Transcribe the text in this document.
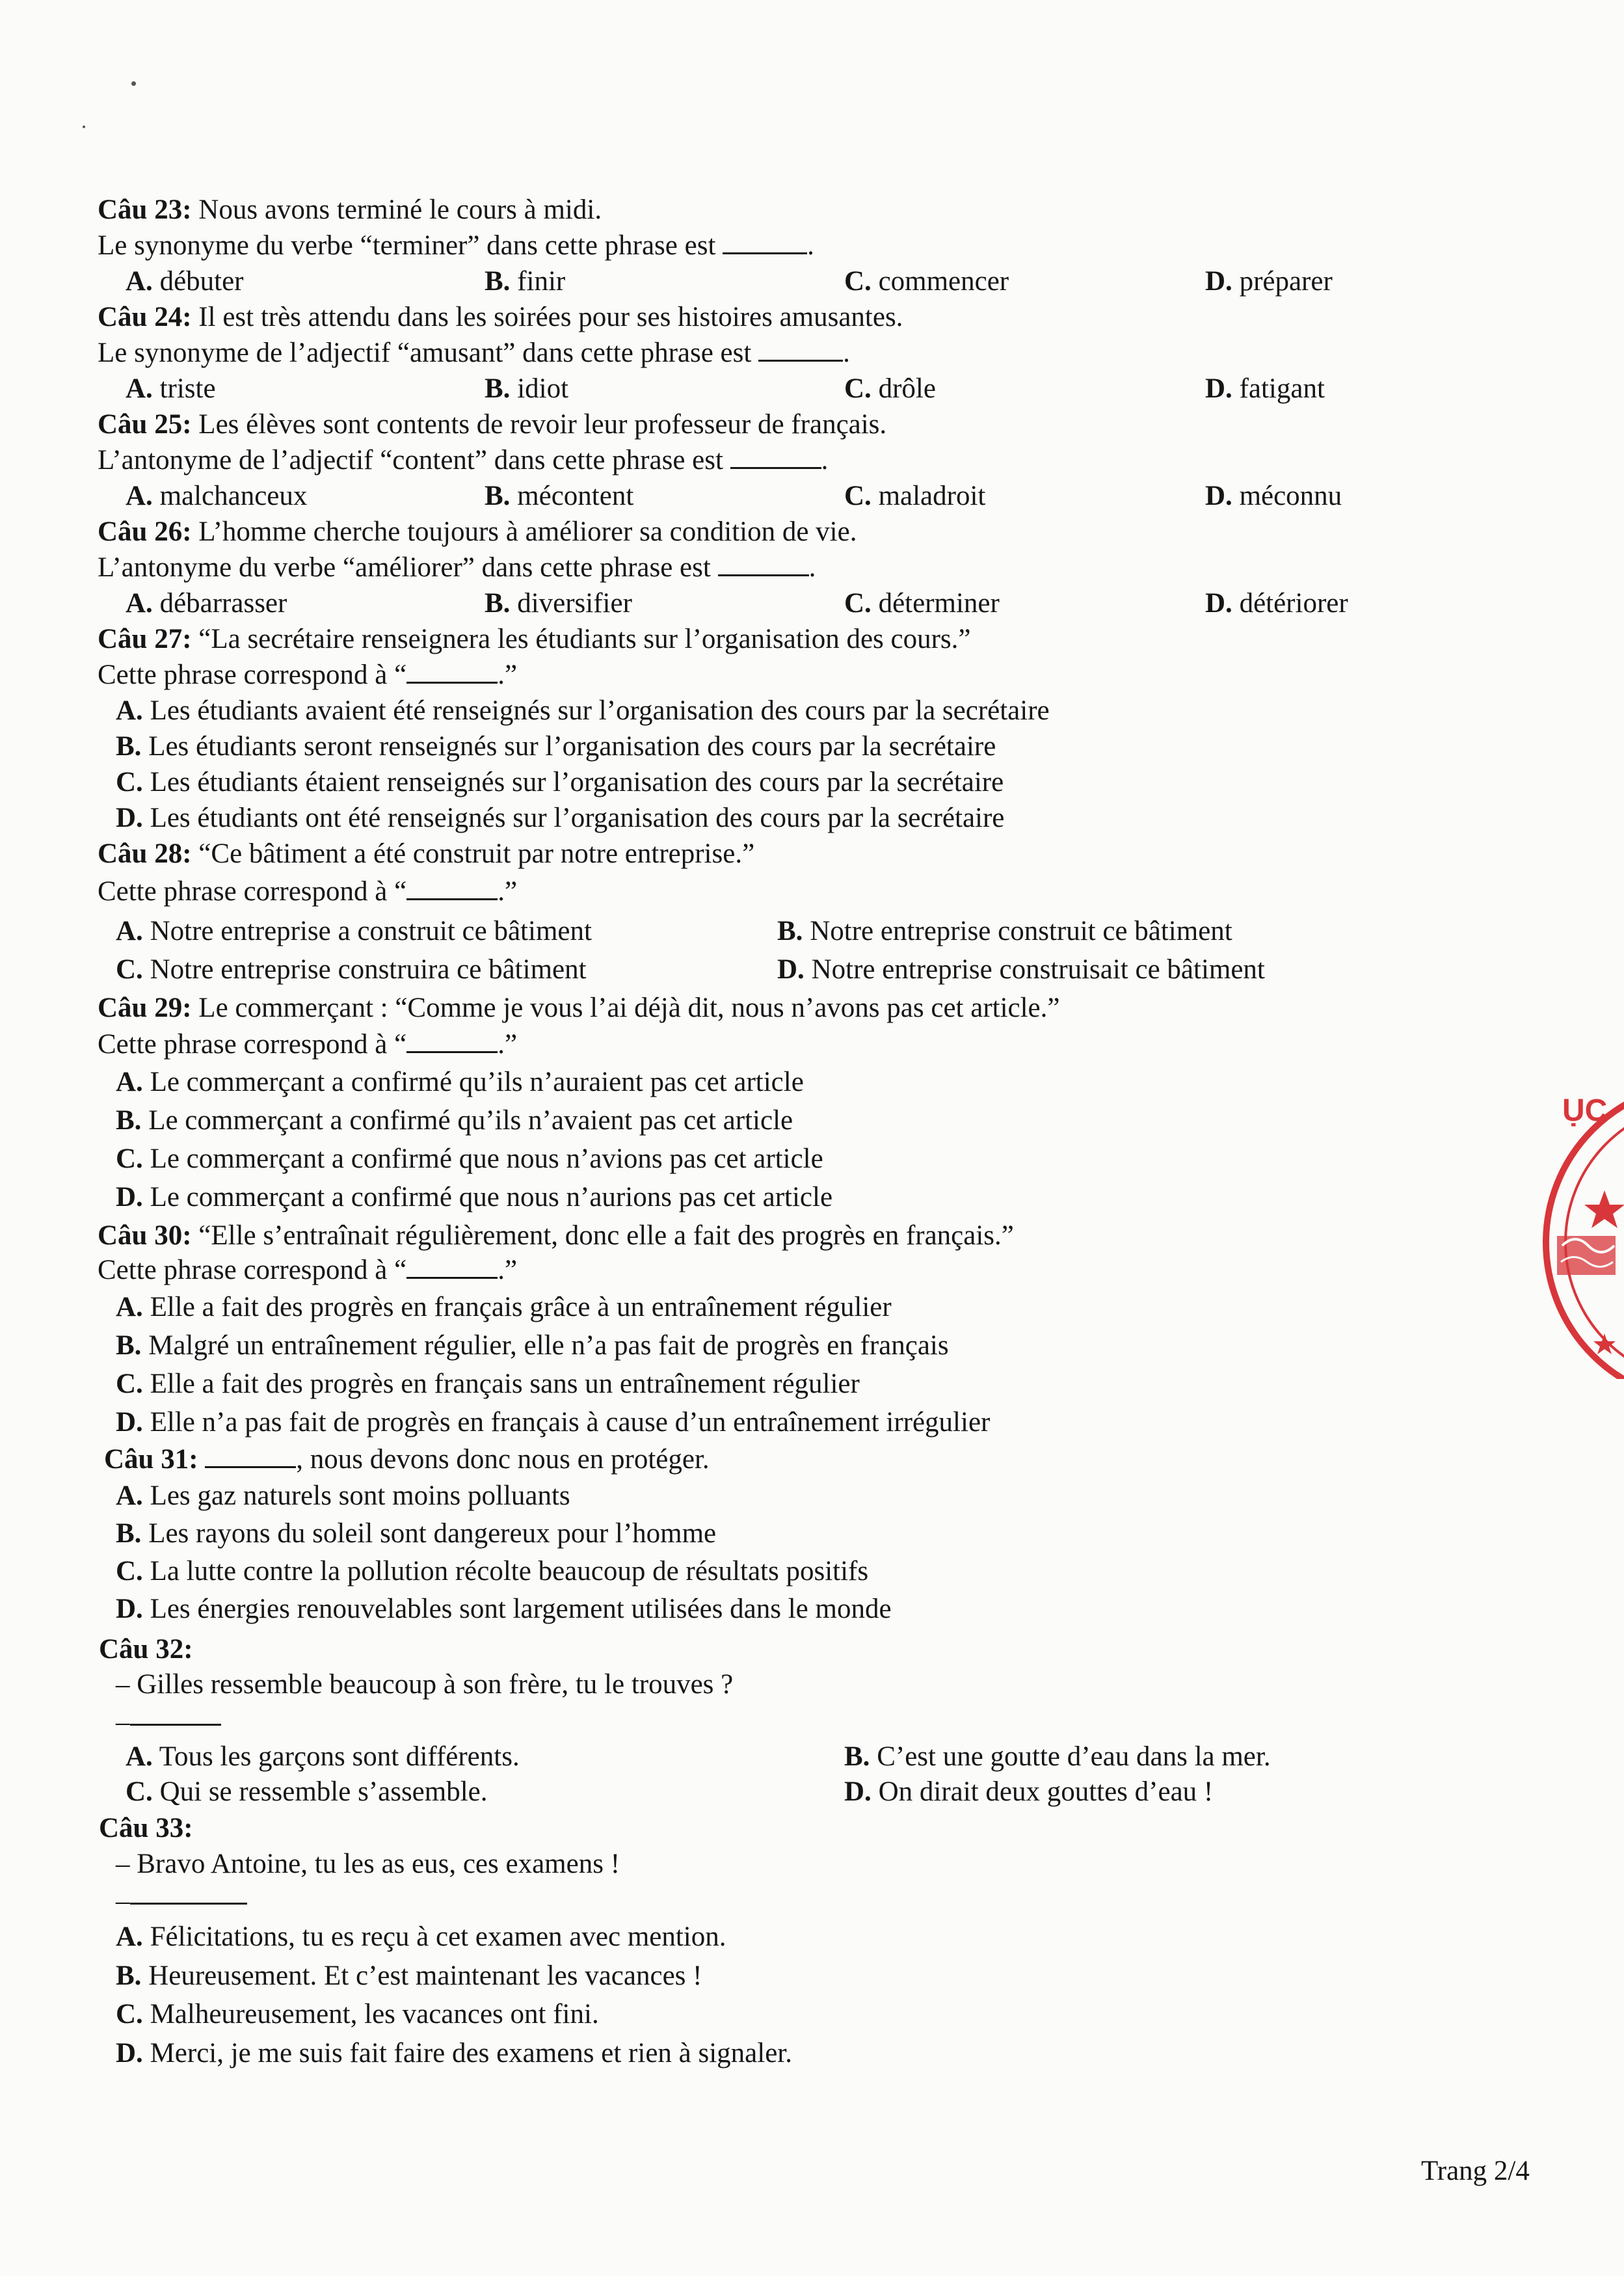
Câu 23: Nous avons terminé le cours à midi.
Le synonyme du verbe “terminer” dans cette phrase est	.
A. débuter	B. finir	C. commencer	D. préparer
Câu 24: Il est très attendu dans les soirées pour ses histoires amusantes.
Le synonyme de l’adjectif “amusant” dans cette phrase est	.
A. triste	B. idiot	C. drôle	D. fatigant
Câu 25: Les élèves sont contents de revoir leur professeur de français.
L’antonyme de l’adjectif “content” dans cette phrase est	.
A. malchanceux	B. mécontent	C. maladroit	D. méconnu
Câu 26: L’homme cherche toujours à améliorer sa condition de vie.
L’antonyme du verbe “améliorer” dans cette phrase est	.
A. débarrasser	B. diversifier	C. déterminer	D. détériorer
Câu 27: “La secrétaire renseignera les étudiants sur l’organisation des cours.”
Cette phrase correspond à “	.”
A. Les étudiants avaient été renseignés sur l’organisation des cours par la secrétaire
B. Les étudiants seront renseignés sur l’organisation des cours par la secrétaire
C. Les étudiants étaient renseignés sur l’organisation des cours par la secrétaire
D. Les étudiants ont été renseignés sur l’organisation des cours par la secrétaire
Câu 28: “Ce bâtiment a été construit par notre entreprise.”
Cette phrase correspond à “	.”
A. Notre entreprise a construit ce bâtiment	B. Notre entreprise construit ce bâtiment
C. Notre entreprise construira ce bâtiment	D. Notre entreprise construisait ce bâtiment
Câu 29: Le commerçant : “Comme je vous l’ai déjà dit, nous n’avons pas cet article.”
Cette phrase correspond à “	.”
A. Le commerçant a confirmé qu’ils n’auraient pas cet article
B. Le commerçant a confirmé qu’ils n’avaient pas cet article
C. Le commerçant a confirmé que nous n’avions pas cet article
D. Le commerçant a confirmé que nous n’aurions pas cet article
Câu 30: “Elle s’entraînait régulièrement, donc elle a fait des progrès en français.”
Cette phrase correspond à “	.”
A. Elle a fait des progrès en français grâce à un entraînement régulier
B. Malgré un entraînement régulier, elle n’a pas fait de progrès en français
C. Elle a fait des progrès en français sans un entraînement régulier
D. Elle n’a pas fait de progrès en français à cause d’un entraînement irrégulier
Câu 31:	, nous devons donc nous en protéger.
A. Les gaz naturels sont moins polluants
B. Les rayons du soleil sont dangereux pour l’homme
C. La lutte contre la pollution récolte beaucoup de résultats positifs
D. Les énergies renouvelables sont largement utilisées dans le monde
Câu 32:
– Gilles ressemble beaucoup à son frère, tu le trouves ?
–
A. Tous les garçons sont différents.	B. C’est une goutte d’eau dans la mer.
C. Qui se ressemble s’assemble.	D. On dirait deux gouttes d’eau !
Câu 33:
– Bravo Antoine, tu les as eus, ces examens !
–
A. Félicitations, tu es reçu à cet examen avec mention.
B. Heureusement. Et c’est maintenant les vacances !
C. Malheureusement, les vacances ont fini.
D. Merci, je me suis fait faire des examens et rien à signaler.
ỤC
Trang 2/4
